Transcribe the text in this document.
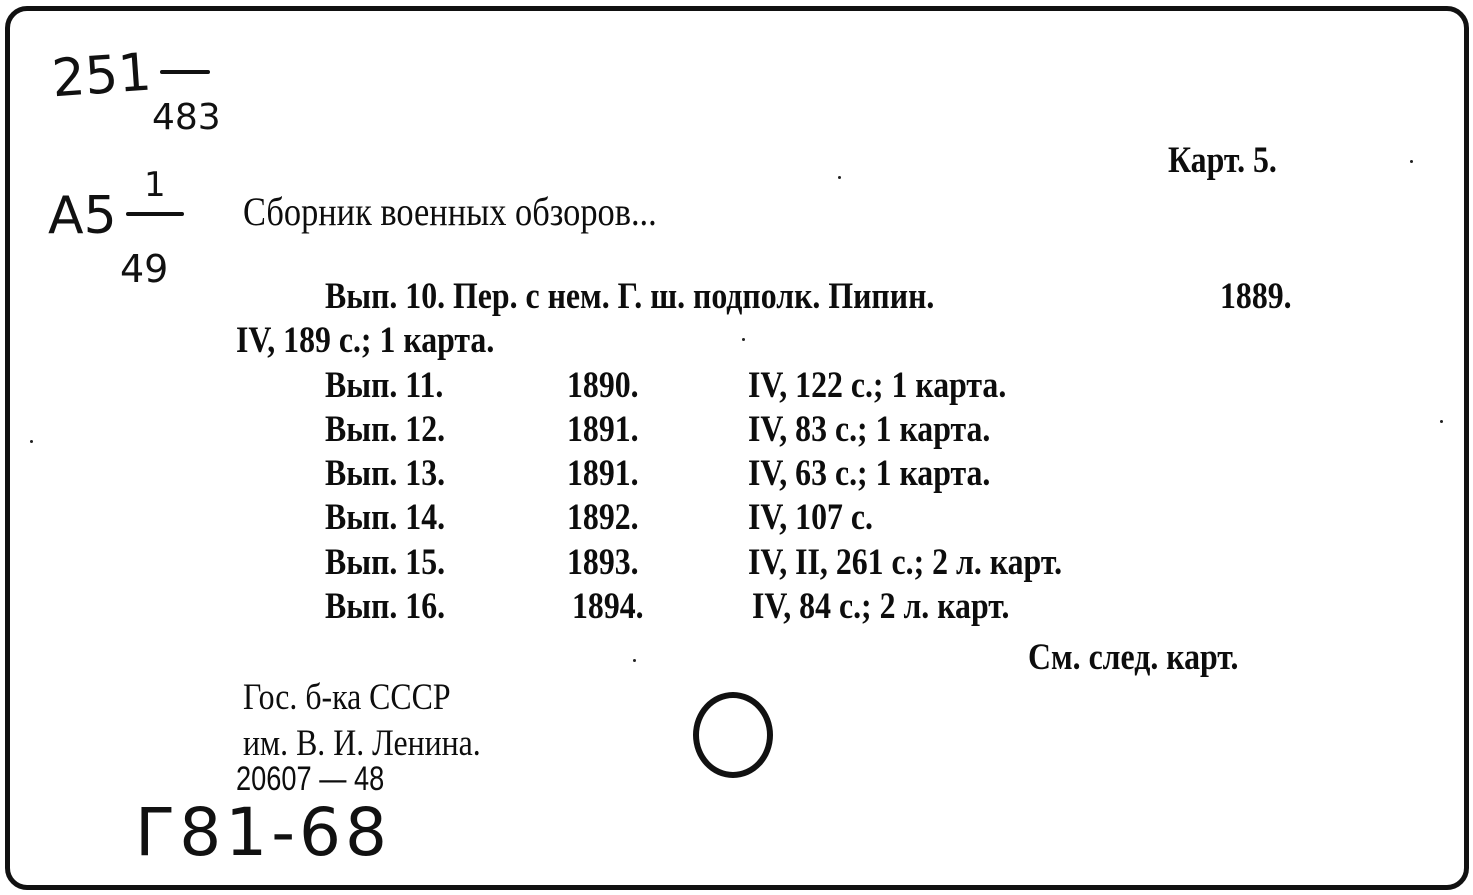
251
483
A5
1
49
Карт. 5.
Сборник военных обзоров...
Вып. 10. Пер. с нем. Г. ш. подполк. Пипин.	1889.
IV, 189 с.; 1 карта.
Вып. 11.	1890.	IV, 122 с.; 1 карта.
Вып. 12.	1891.	IV, 83 с.; 1 карта.
Вып. 13.	1891.	IV, 63 с.; 1 карта.
Вып. 14.	1892.	IV, 107 с.
Вып. 15.	1893.	IV, II, 261 с.; 2 л. карт.
Вып. 16.	1894.	IV, 84 с.; 2 л. карт.
См. след. карт.
Гос. б-ка СССР
им. В. И. Ленина.
20607 — 48
Г81-68
